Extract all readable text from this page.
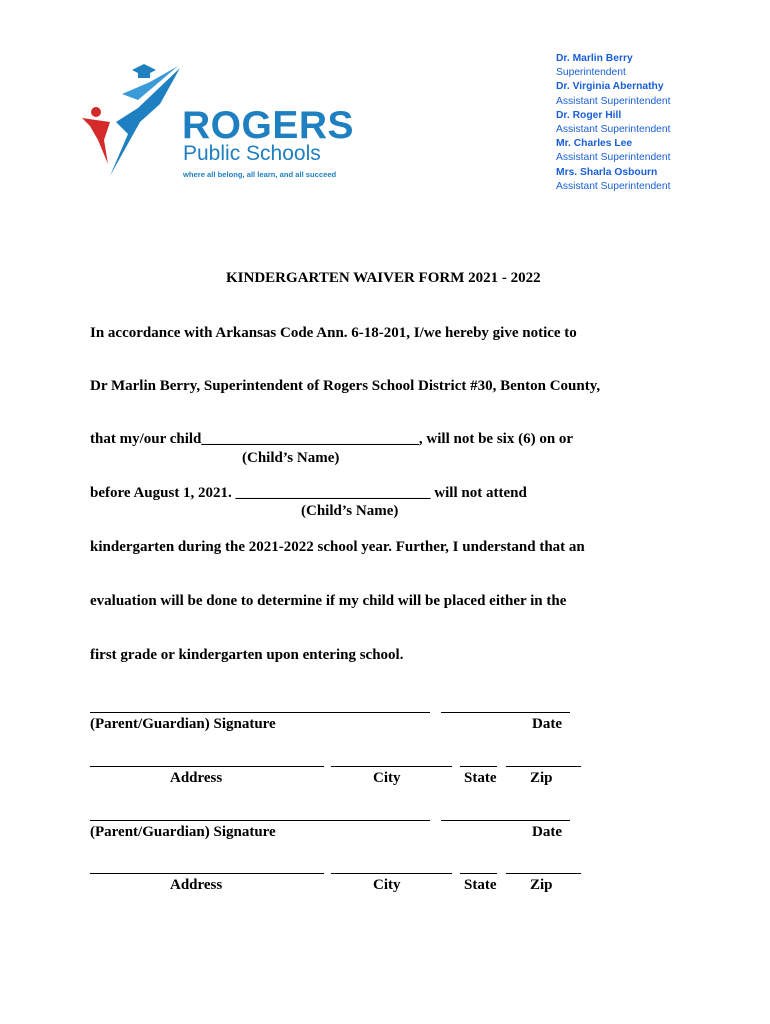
ROGERS
Public Schools
where all belong, all learn, and all succeed
Dr. Marlin Berry
Superintendent
Dr. Virginia Abernathy
Assistant Superintendent
Dr. Roger Hill
Assistant Superintendent
Mr. Charles Lee
Assistant Superintendent
Mrs. Sharla Osbourn
Assistant Superintendent
KINDERGARTEN WAIVER FORM 2021 - 2022
In accordance with Arkansas Code Ann. 6-18-201, I/we hereby give notice to
Dr Marlin Berry, Superintendent of Rogers School District #30, Benton County,
that my/our child_____________________________, will not be six (6) on or
(Child’s Name)
before August 1, 2021. __________________________ will not attend
(Child’s Name)
kindergarten during the 2021-2022 school year. Further, I understand that an
evaluation will be done to determine if my child will be placed either in the
first grade or kindergarten upon entering school.
(Parent/Guardian) Signature	Date
Address	City	State Zip
(Parent/Guardian) Signature	Date
Address	City	State Zip
